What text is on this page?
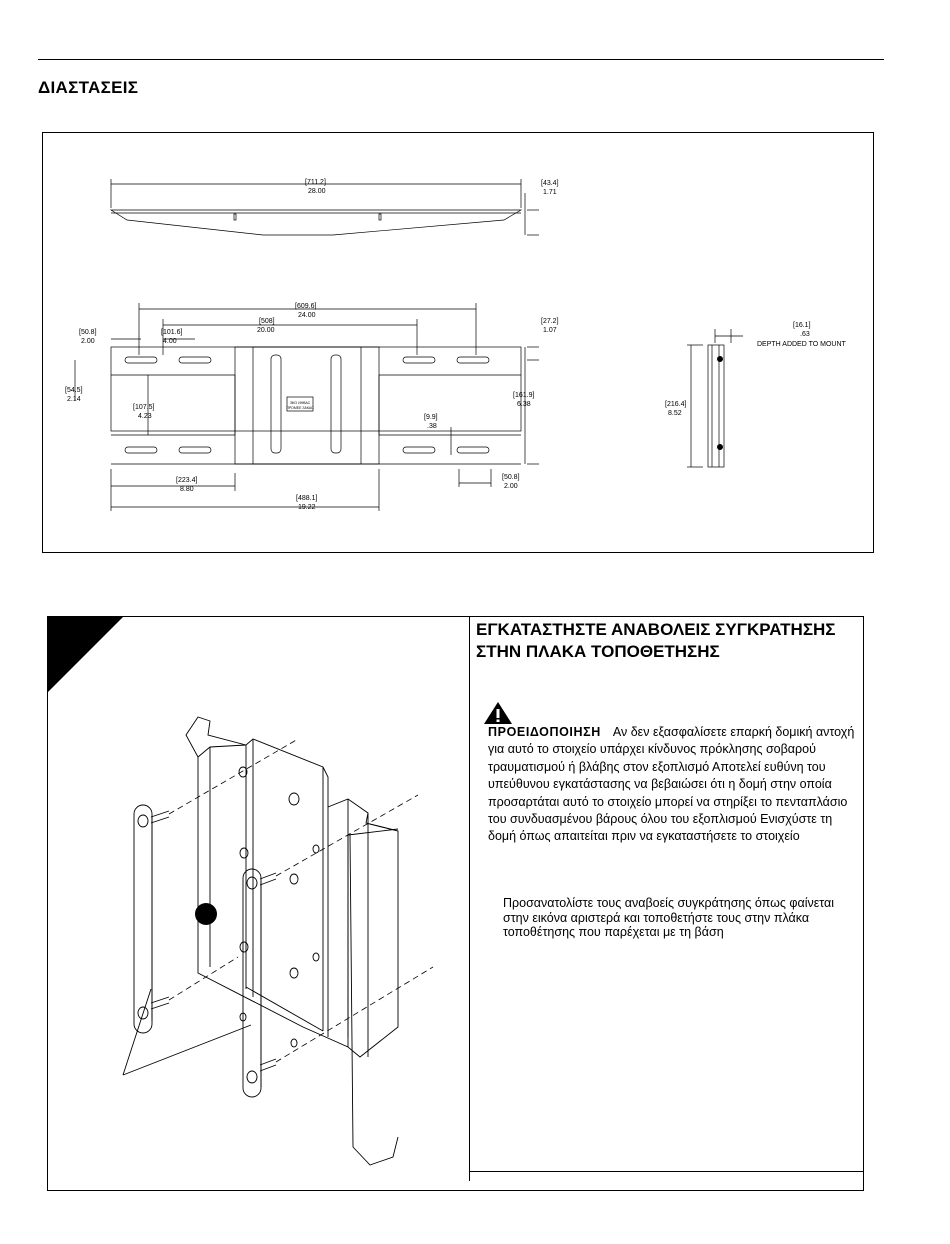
ΔΙΑΣΤΑΣΕΙΣ
[711.2] 28.00
[43.4] 1.71
[609.6] 24.00
[508] 20.00
[101.6] 4.00
[50.8] 2.00
[27.2] 1.07
[54.5] 2.14
[107.5] 4.23
[161.9] 6.38
[9.9] .38
[223.4] 8.80
[488.1] 19.22
[50.8] 2.00
[216.4] 8.52
[16.1] .63
DEPTH ADDED TO MOUNT
ЭКО ИНВАС ПРОМЕЕ ЗАКАС
ΕΓΚΑΤΑΣΤΗΣΤΕ ΑΝΑΒΟΛΕΙΣ ΣΥΓΚΡΑΤΗΣΗΣ ΣΤΗΝ ΠΛΑΚΑ ΤΟΠΟΘΕΤΗΣΗΣ
ΠΡΟΕΙΔΟΠΟΙΗΣΗ Αν δεν εξασφαλίσετε επαρκή δομική αντοχή για αυτό το στοιχείο υπάρχει κίνδυνος πρόκλησης σοβαρού τραυματισμού ή βλάβης στον εξοπλισμό Αποτελεί ευθύνη του υπεύθυνου εγκατάστασης να βεβαιώσει ότι η δομή στην οποία προσαρτάται αυτό το στοιχείο μπορεί να στηρίξει το πενταπλάσιο του συνδυασμένου βάρους όλου του εξοπλισμού Ενισχύστε τη δομή όπως απαιτείται πριν να εγκαταστήσετε το στοιχείο
Προσανατολίστε τους αναβοείς συγκράτησης όπως φαίνεται στην εικόνα αριστερά και τοποθετήστε τους στην πλάκα τοποθέτησης που παρέχεται με τη βάση
